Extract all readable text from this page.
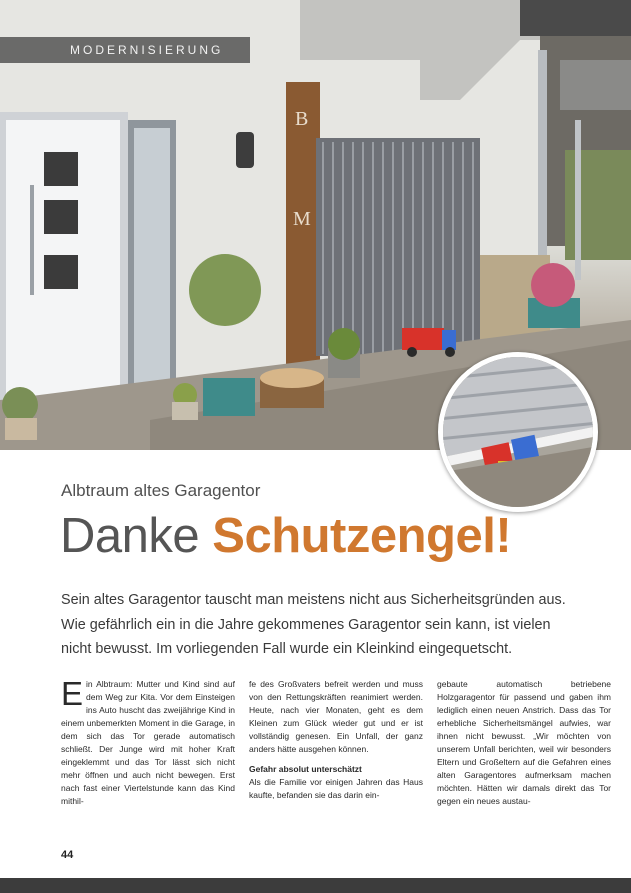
B
M
MODERNISIERUNG
Albtraum altes Garagentor
Danke Schutzengel!

Sein altes Garagentor tauscht man meistens nicht aus Sicherheitsgründen aus.

Wie gefährlich ein in die Jahre gekommenes Garagentor sein kann, ist vielen

nicht bewusst. Im vorliegenden Fall wurde ein Kleinkind eingequetscht.

Ein Albtraum: Mutter und Kind sind auf dem Weg zur Kita. Vor dem Einsteigen ins Auto huscht das zweijährige Kind in einem unbemerkten Moment in die Garage, in dem sich das Tor gerade automatisch schließt. Der Junge wird mit hoher Kraft eingeklemmt und das Tor lässt sich nicht mehr öffnen und auch nicht bewegen. Erst nach fast einer Viertelstunde kann das Kind mithil-

fe des Großvaters befreit werden und muss von den Rettungskräften reanimiert werden. Heute, nach vier Monaten, geht es dem Kleinen zum Glück wieder gut und er ist vollständig genesen. Ein Unfall, der ganz anders hätte ausgehen können.

Gefahr absolut unterschätzt

Als die Familie vor einigen Jahren das Haus kaufte, befanden sie das darin ein-

gebaute automatisch betriebene Holzgaragentor für passend und gaben ihm lediglich einen neuen Anstrich. Dass das Tor erhebliche Sicherheitsmängel aufwies, war ihnen nicht bewusst. „Wir möchten von unserem Unfall berichten, weil wir besonders Eltern und Großeltern auf die Gefahren eines alten Garagentores aufmerksam machen möchten. Hätten wir damals direkt das Tor gegen ein neues austau-

44
